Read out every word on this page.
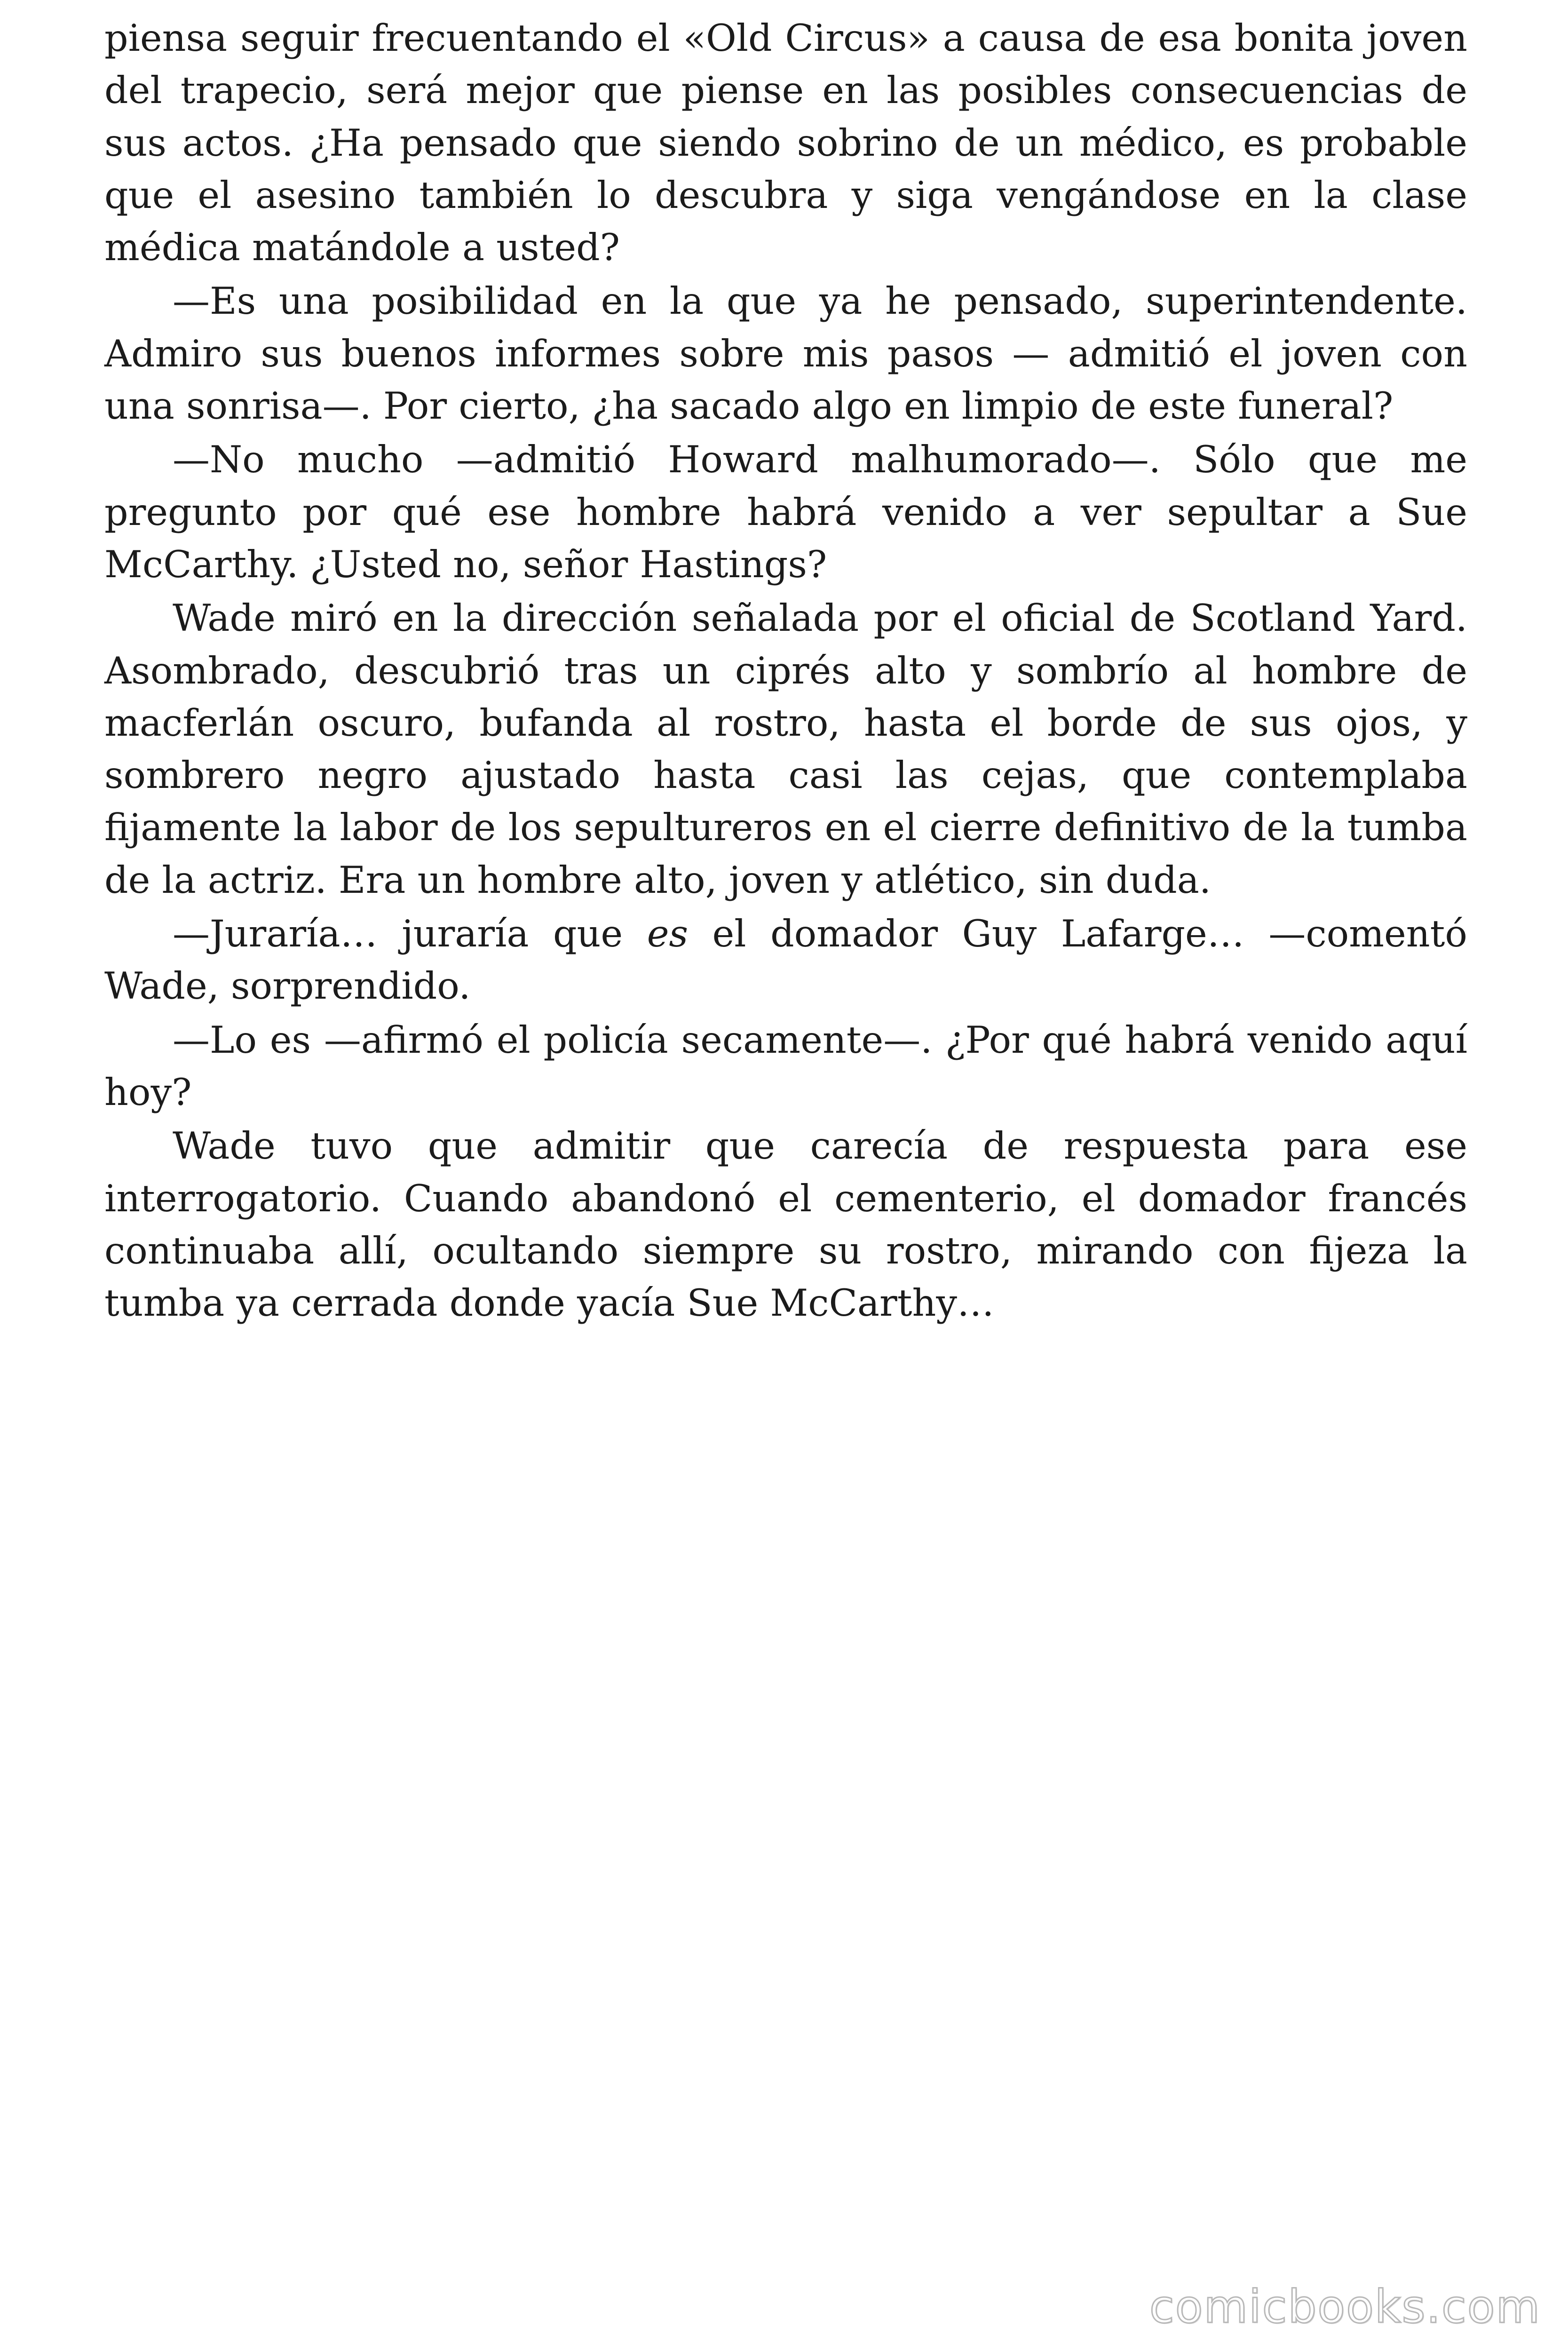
piensa seguir frecuentando el «Old Circus» a causa de esa bonita joven del trapecio, será mejor que piense en las posibles consecuencias de sus actos. ¿Ha pensado que siendo sobrino de un médico, es probable que el asesino también lo descubra y siga vengándose en la clase médica matándole a usted?

—Es una posibilidad en la que ya he pensado, superintendente. Admiro sus buenos informes sobre mis pasos — admitió el joven con una sonrisa—. Por cierto, ¿ha sacado algo en limpio de este funeral?

—No mucho —admitió Howard malhumorado—. Sólo que me pregunto por qué ese hombre habrá venido a ver sepultar a Sue McCarthy. ¿Usted no, señor Hastings?

Wade miró en la dirección señalada por el oficial de Scotland Yard. Asombrado, descubrió tras un ciprés alto y sombrío al hombre de macferlán oscuro, bufanda al rostro, hasta el borde de sus ojos, y sombrero negro ajustado hasta casi las cejas, que contemplaba fijamente la labor de los sepultureros en el cierre definitivo de la tumba de la actriz. Era un hombre alto, joven y atlético, sin duda.

—Juraría… juraría que es el domador Guy Lafarge… —comentó Wade, sorprendido.

—Lo es —afirmó el policía secamente—. ¿Por qué habrá venido aquí hoy?

Wade tuvo que admitir que carecía de respuesta para ese interrogatorio. Cuando abandonó el cementerio, el domador francés continuaba allí, ocultando siempre su rostro, mirando con fijeza la tumba ya cerrada donde yacía Sue McCarthy…

comicbooks.com
